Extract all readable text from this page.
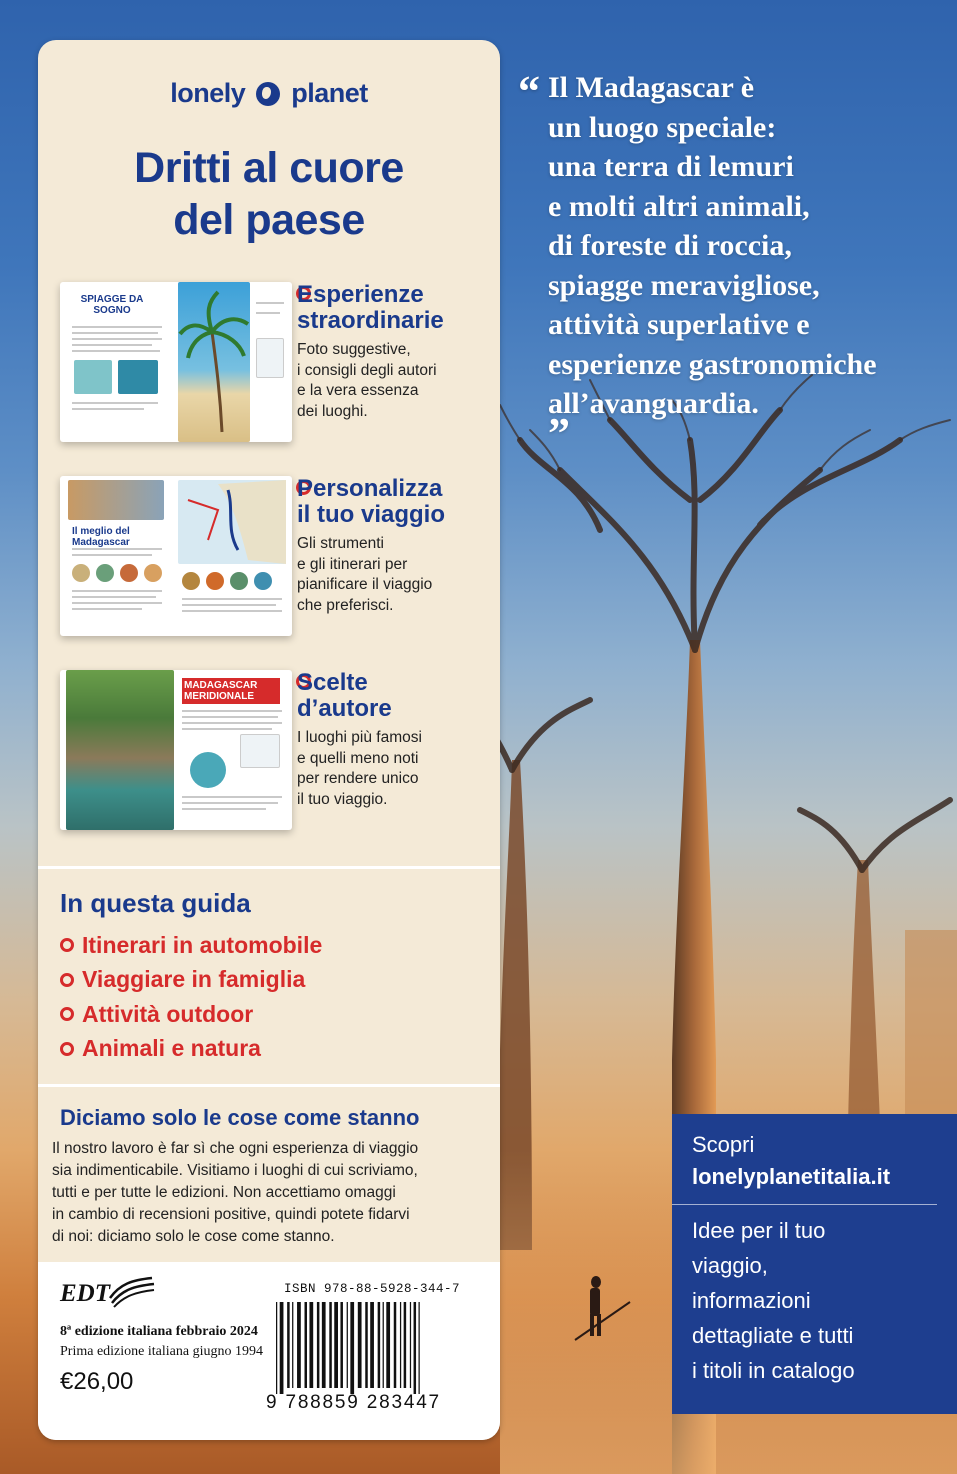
lonely planet
Dritti al cuore
del paese
SPIAGGE DA SOGNO
Esperienze
straordinarie
Foto suggestive,
i consigli degli autori
e la vera essenza
dei luoghi.
Il meglio del Madagascar
Personalizza
il tuo viaggio
Gli strumenti
e gli itinerari per
pianificare il viaggio
che preferisci.
MADAGASCAR MERIDIONALE
Scelte
d’autore
I luoghi più famosi
e quelli meno noti
per rendere unico
il tuo viaggio.
In questa guida
Itinerari in automobile
Viaggiare in famiglia
Attività outdoor
Animali e natura
Diciamo solo le cose come stanno
Il nostro lavoro è far sì che ogni esperienza di viaggio
sia indimenticabile. Visitiamo i luoghi di cui scriviamo,
tutti e per tutte le edizioni. Non accettiamo omaggi
in cambio di recensioni positive, quindi potete fidarvi
di noi: diciamo solo le cose come stanno.
EDT
8ª edizione italiana febbraio 2024
Prima edizione italiana giugno 1994
€26,00
ISBN 978-88-5928-344-7
9 788859 283447
“ Il Madagascar è
un luogo speciale:
una terra di lemuri
e molti altri animali,
di foreste di roccia,
spiagge meravigliose,
attività superlative e
esperienze gastronomiche
all’avanguardia.
”
Scopri
lonelyplanetitalia.it
Idee per il tuo
viaggio,
informazioni
dettagliate e tutti
i titoli in catalogo
